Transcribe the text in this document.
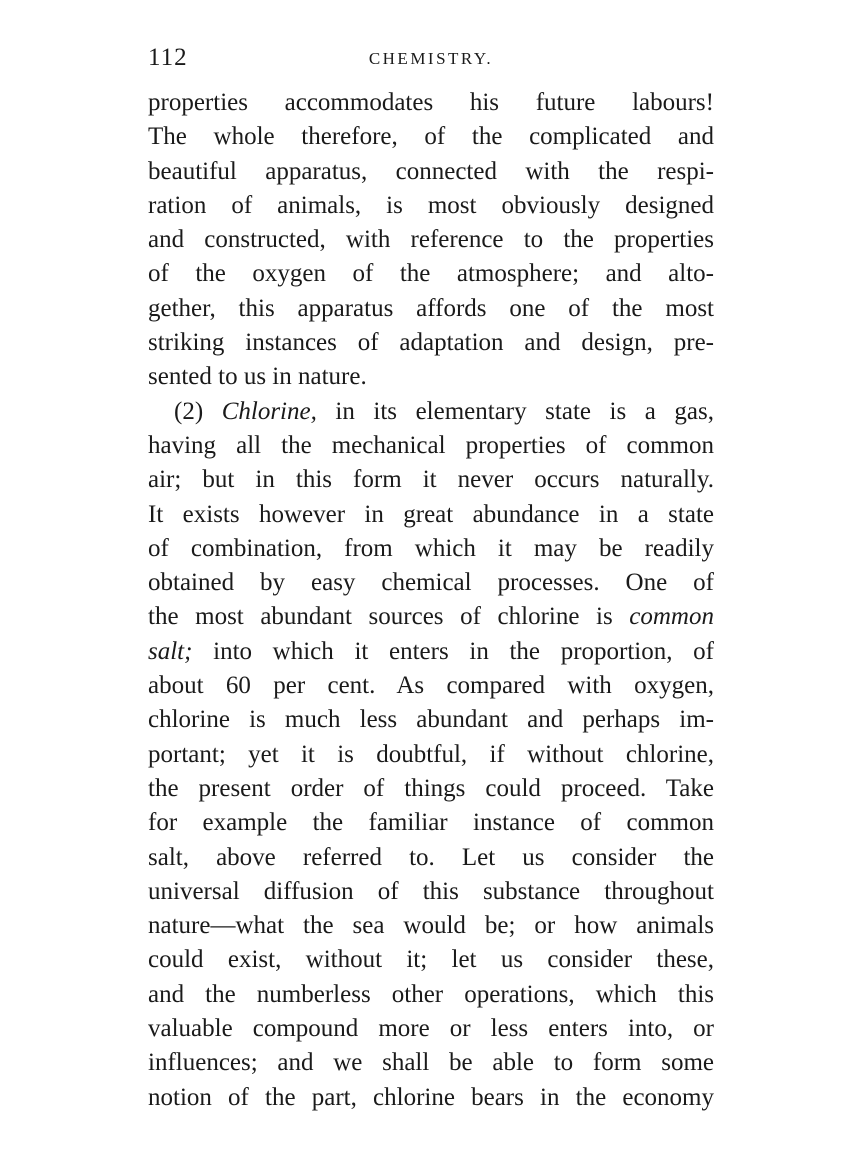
112	CHEMISTRY.
properties accommodates his future labours!
The whole therefore, of the complicated and
beautiful apparatus, connected with the respi-
ration of animals, is most obviously designed
and constructed, with reference to the properties
of the oxygen of the atmosphere; and alto-
gether, this apparatus affords one of the most
striking instances of adaptation and design, pre-
sented to us in nature.
(2) Chlorine, in its elementary state is a gas,
having all the mechanical properties of common
air; but in this form it never occurs naturally.
It exists however in great abundance in a state
of combination, from which it may be readily
obtained by easy chemical processes. One of
the most abundant sources of chlorine is common
salt; into which it enters in the proportion, of
about 60 per cent. As compared with oxygen,
chlorine is much less abundant and perhaps im-
portant; yet it is doubtful, if without chlorine,
the present order of things could proceed. Take
for example the familiar instance of common
salt, above referred to. Let us consider the
universal diffusion of this substance throughout
nature—what the sea would be; or how animals
could exist, without it; let us consider these,
and the numberless other operations, which this
valuable compound more or less enters into, or
influences; and we shall be able to form some
notion of the part, chlorine bears in the economy
